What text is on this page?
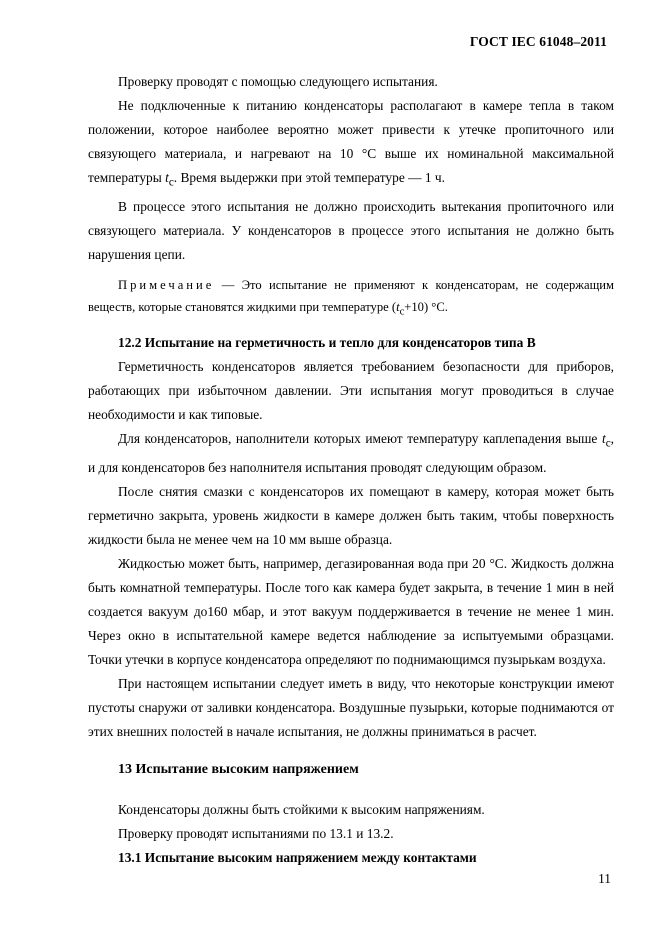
ГОСТ IEC 61048–2011

Проверку проводят с помощью следующего испытания.

Не подключенные к питанию конденсаторы располагают в камере тепла в таком положении, которое наиболее вероятно может привести к утечке пропиточного или связующего материала, и нагревают на 10 °С выше их номинальной максимальной температуры $t_c$. Время выдержки при этой температуре — 1 ч.

В процессе этого испытания не должно происходить вытекания пропиточного или связующего материала. У конденсаторов в процессе этого испытания не должно быть нарушения цепи.

Примечание — Это испытание не применяют к конденсаторам, не содержащим веществ, которые становятся жидкими при температуре $(t_c+10)$ °С.

12.2 Испытание на герметичность и тепло для конденсаторов типа В

Герметичность конденсаторов является требованием безопасности для приборов, работающих при избыточном давлении. Эти испытания могут проводиться в случае необходимости и как типовые.

Для конденсаторов, наполнители которых имеют температуру каплепадения выше $t_c$, и для конденсаторов без наполнителя испытания проводят следующим образом.

После снятия смазки с конденсаторов их помещают в камеру, которая может быть герметично закрыта, уровень жидкости в камере должен быть таким, чтобы поверхность жидкости была не менее чем на 10 мм выше образца.

Жидкостью может быть, например, дегазированная вода при 20 °С. Жидкость должна быть комнатной температуры. После того как камера будет закрыта, в течение 1 мин в ней создается вакуум до160 мбар, и этот вакуум поддерживается в течение не менее 1 мин. Через окно в испытательной камере ведется наблюдение за испытуемыми образцами. Точки утечки в корпусе конденсатора определяют по поднимающимся пузырькам воздуха.

При настоящем испытании следует иметь в виду, что некоторые конструкции имеют пустоты снаружи от заливки конденсатора. Воздушные пузырьки, которые поднимаются от этих внешних полостей в начале испытания, не должны приниматься в расчет.

13 Испытание высоким напряжением

Конденсаторы должны быть стойкими к высоким напряжениям.

Проверку проводят испытаниями по 13.1 и 13.2.

13.1 Испытание высоким напряжением между контактами

11
